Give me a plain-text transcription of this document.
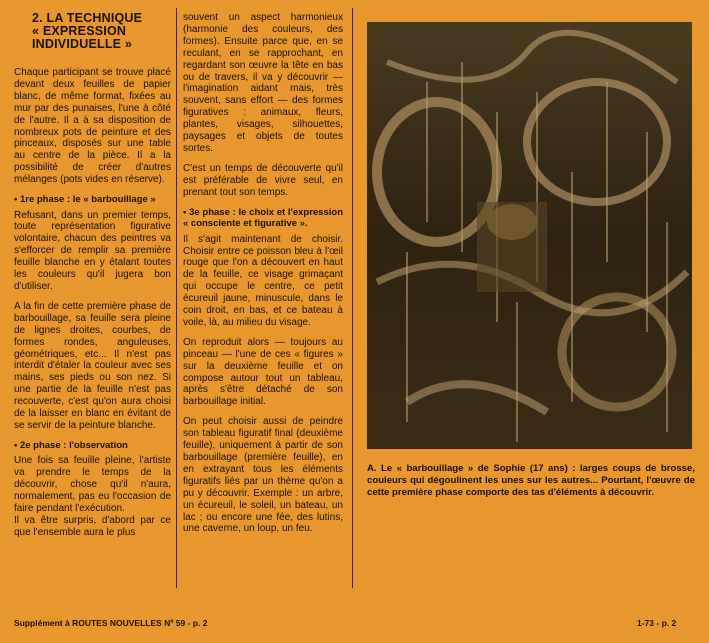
2. LA TECHNIQUE
« EXPRESSION
INDIVIDUELLE »

Chaque participant se trouve placé devant deux feuilles de papier blanc, de même format, fixées au mur par des punaises, l'une à côté de l'autre. Il a à sa disposition de nombreux pots de peinture et des pinceaux, disposés sur une table au centre de la pièce. Il a la possibilité de créer d'autres mélanges (pots vides en réserve).

• 1re phase : le « barbouillage »

Refusant, dans un premier temps, toute représentation figurative volontaire, chacun des peintres va s'efforcer de remplir sa première feuille blanche en y étalant toutes les couleurs qu'il jugera bon d'utiliser.

A la fin de cette première phase de barbouillage, sa feuille sera pleine de lignes droites, courbes, de formes rondes, anguleuses, géométriques, etc... Il n'est pas interdit d'étaler la couleur avec ses mains, ses pieds ou son nez. Si une partie de la feuille n'est pas recouverte, c'est qu'on aura choisi de la laisser en blanc en évitant de se servir de la peinture blanche.

• 2e phase : l'observation

Une fois sa feuille pleine, l'artiste va prendre le temps de la découvrir, chose qu'il n'aura, normalement, pas eu l'occasion de faire pendant l'exécution.

Il va être surpris, d'abord par ce que l'ensemble aura le plus

souvent un aspect harmonieux (harmonie des couleurs, des formes). Ensuite parce que, en se reculant, en se rapprochant, en regardant son œuvre la tête en bas ou de travers, il va y découvrir — l'imagination aidant mais, très souvent, sans effort — des formes figuratives : animaux, fleurs, plantes, visages, silhouettes, paysages et objets de toutes sortes.

C'est un temps de découverte qu'il est préférable de vivre seul, en prenant tout son temps.

• 3e phase : le choix et l'expression « consciente et figurative ».

Il s'agit maintenant de choisir. Choisir entre ce poisson bleu à l'œil rouge que l'on a découvert en haut de la feuille, ce visage grimaçant qui occupe le centre, ce petit écureuil jaune, minuscule, dans le coin droit, en bas, et ce bateau à voile, là, au milieu du visage.

On reproduit alors — toujours au pinceau — l'une de ces « figures » sur la deuxième feuille et on compose autour tout un tableau, après s'être détaché de son barbouillage initial.

On peut choisir aussi de peindre son tableau figuratif final (deuxième feuille), uniquement à partir de son barbouillage (première feuille), en en extrayant tous les éléments figuratifs liés par un thème qu'on a pu y découvrir. Exemple : un arbre, un écureuil, le soleil, un bateau, un lac ; ou encore une fée, des lutins, une caverne, un loup, un feu.

A. Le « barbouillage » de Sophie (17 ans) : larges coups de brosse, couleurs qui dégoulinent les unes sur les autres... Pourtant, l'œuvre de cette première phase comporte des tas d'éléments à découvrir.
Supplément à ROUTES NOUVELLES Nº 59 - p. 2	1-73 - p. 2
